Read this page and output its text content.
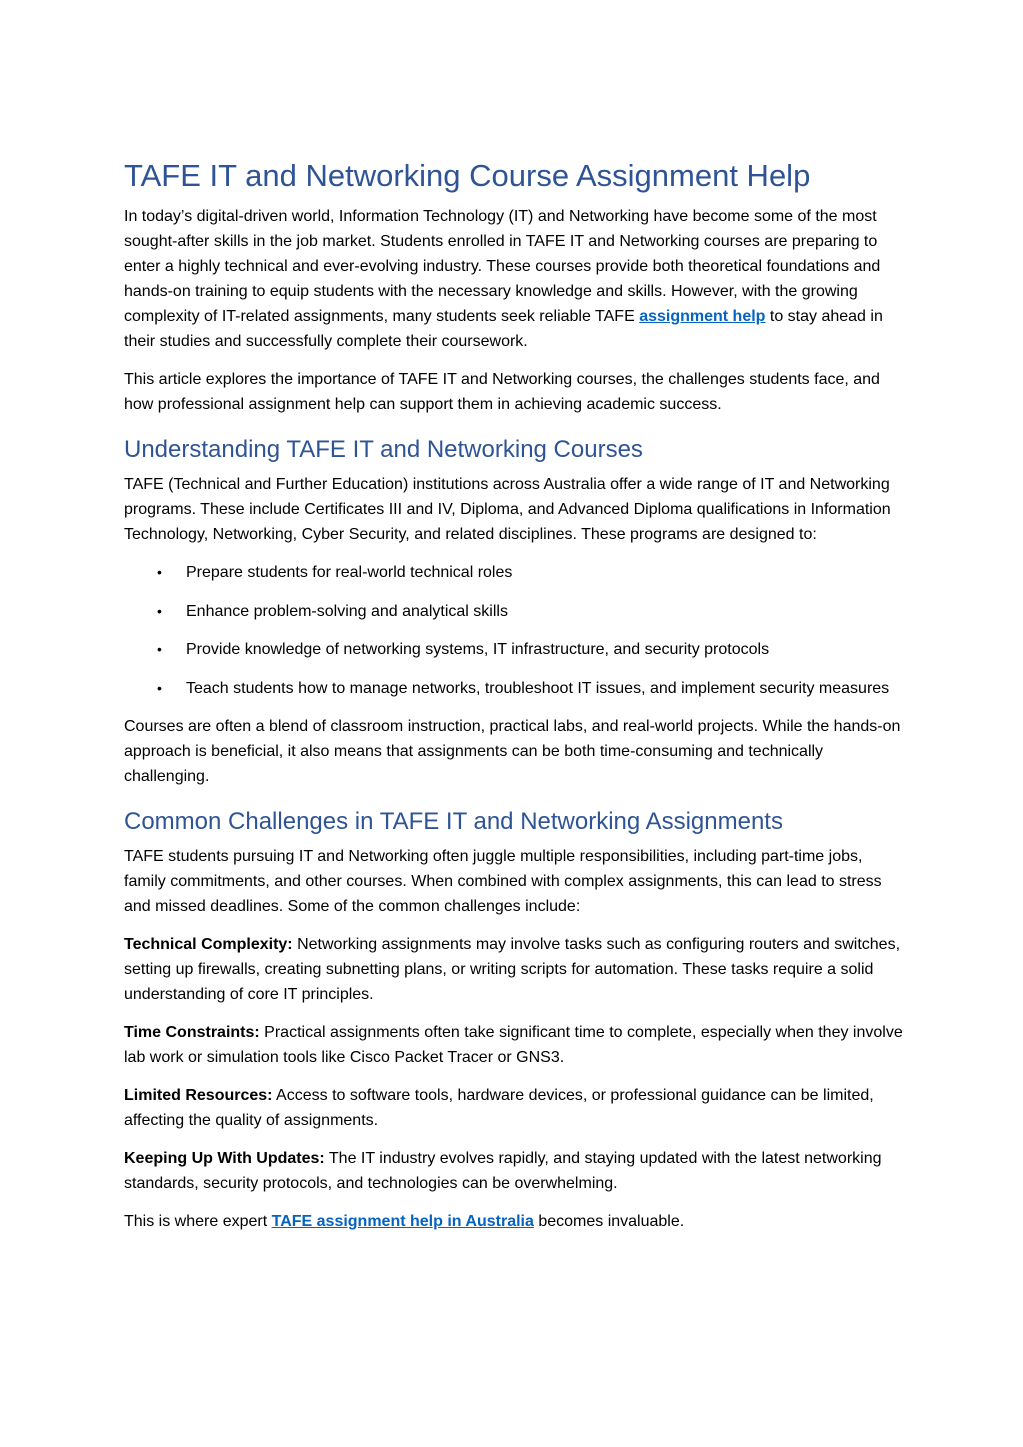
TAFE IT and Networking Course Assignment Help

In today’s digital-driven world, Information Technology (IT) and Networking have become some of the most sought-after skills in the job market. Students enrolled in TAFE IT and Networking courses are preparing to enter a highly technical and ever-evolving industry. These courses provide both theoretical foundations and hands-on training to equip students with the necessary knowledge and skills. However, with the growing complexity of IT-related assignments, many students seek reliable TAFE assignment help to stay ahead in their studies and successfully complete their coursework.

This article explores the importance of TAFE IT and Networking courses, the challenges students face, and how professional assignment help can support them in achieving academic success.

Understanding TAFE IT and Networking Courses

TAFE (Technical and Further Education) institutions across Australia offer a wide range of IT and Networking programs. These include Certificates III and IV, Diploma, and Advanced Diploma qualifications in Information Technology, Networking, Cyber Security, and related disciplines. These programs are designed to:

• Prepare students for real-world technical roles
• Enhance problem-solving and analytical skills
• Provide knowledge of networking systems, IT infrastructure, and security protocols
• Teach students how to manage networks, troubleshoot IT issues, and implement security measures

Courses are often a blend of classroom instruction, practical labs, and real-world projects. While the hands-on approach is beneficial, it also means that assignments can be both time-consuming and technically challenging.

Common Challenges in TAFE IT and Networking Assignments

TAFE students pursuing IT and Networking often juggle multiple responsibilities, including part-time jobs, family commitments, and other courses. When combined with complex assignments, this can lead to stress and missed deadlines. Some of the common challenges include:

Technical Complexity: Networking assignments may involve tasks such as configuring routers and switches, setting up firewalls, creating subnetting plans, or writing scripts for automation. These tasks require a solid understanding of core IT principles.

Time Constraints: Practical assignments often take significant time to complete, especially when they involve lab work or simulation tools like Cisco Packet Tracer or GNS3.

Limited Resources: Access to software tools, hardware devices, or professional guidance can be limited, affecting the quality of assignments.

Keeping Up With Updates: The IT industry evolves rapidly, and staying updated with the latest networking standards, security protocols, and technologies can be overwhelming.

This is where expert TAFE assignment help in Australia becomes invaluable.
